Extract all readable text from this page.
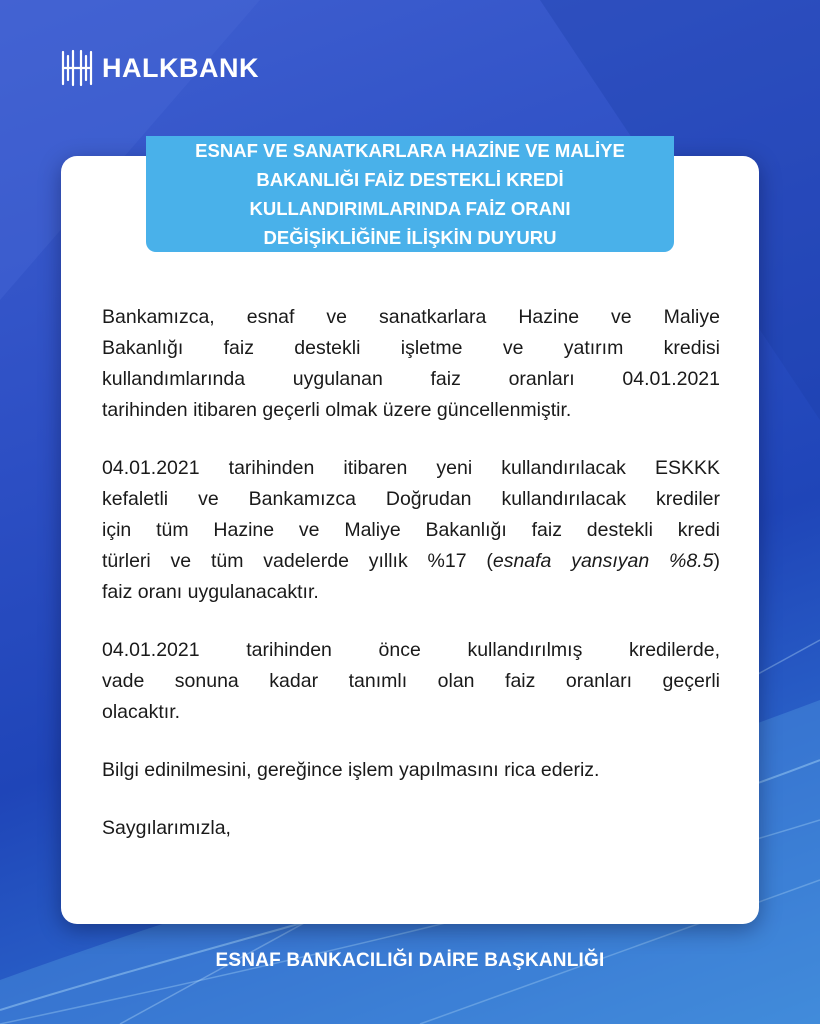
HALKBANK
ESNAF VE SANATKARLARA HAZİNE VE MALİYE
BAKANLIĞI FAİZ DESTEKLİ KREDİ
KULLANDIRIMLARINDA FAİZ ORANI
DEĞİŞİKLİĞİNE İLİŞKİN DUYURU
Bankamızca, esnaf ve sanatkarlara Hazine ve Maliye
Bakanlığı faiz destekli işletme ve yatırım kredisi
kullandımlarında uygulanan faiz oranları 04.01.2021
tarihinden itibaren geçerli olmak üzere güncellenmiştir.
04.01.2021 tarihinden itibaren yeni kullandırılacak ESKKK
kefaletli ve Bankamızca Doğrudan kullandırılacak krediler
için tüm Hazine ve Maliye Bakanlığı faiz destekli kredi
türleri ve tüm vadelerde yıllık %17 (esnafa yansıyan %8.5)
faiz oranı uygulanacaktır.
04.01.2021 tarihinden önce kullandırılmış kredilerde,
vade sonuna kadar tanımlı olan faiz oranları geçerli
olacaktır.
Bilgi edinilmesini, gereğince işlem yapılmasını rica ederiz.
Saygılarımızla,
ESNAF BANKACILIĞI DAİRE BAŞKANLIĞI
